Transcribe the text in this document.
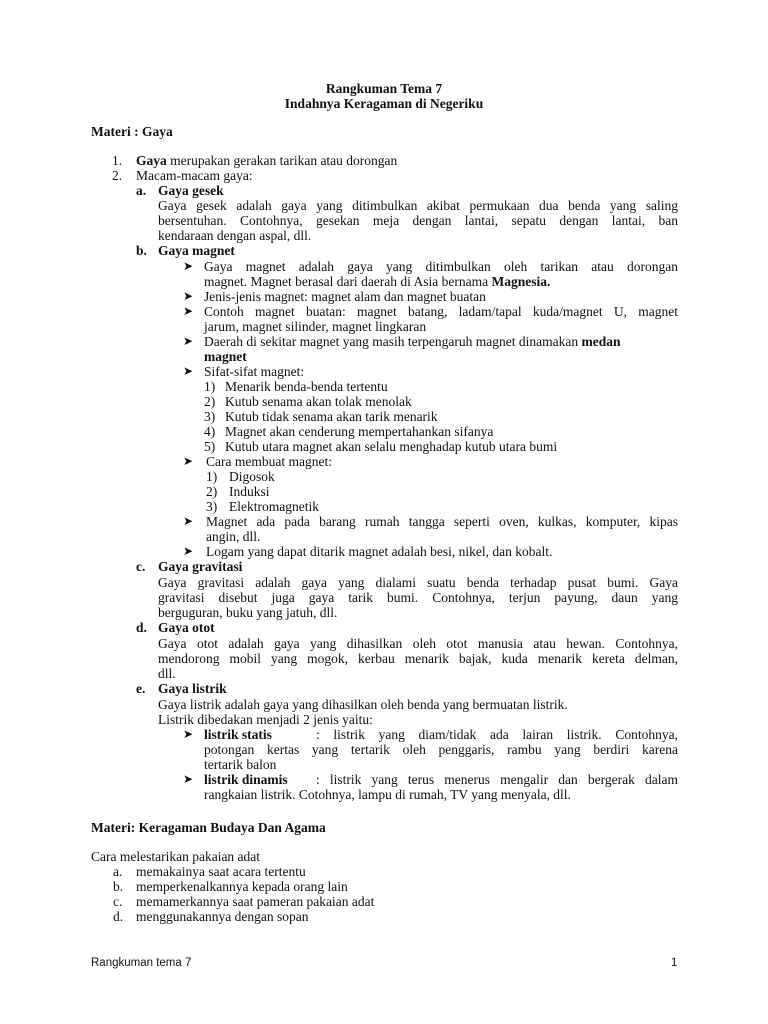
Rangkuman Tema 7
Indahnya Keragaman di Negeriku
Materi : Gaya
1. Gaya merupakan gerakan tarikan atau dorongan
2. Macam-macam gaya:
a. Gaya gesek
Gaya gesek adalah gaya yang ditimbulkan akibat permukaan dua benda yang saling
bersentuhan. Contohnya, gesekan meja dengan lantai, sepatu dengan lantai, ban
kendaraan dengan aspal, dll.
b. Gaya magnet
➤ Gaya magnet adalah gaya yang ditimbulkan oleh tarikan atau dorongan
magnet. Magnet berasal dari daerah di Asia bernama Magnesia.
➤ Jenis-jenis magnet: magnet alam dan magnet buatan
➤ Contoh magnet buatan: magnet batang, ladam/tapal kuda/magnet U, magnet
jarum, magnet silinder, magnet lingkaran
➤ Daerah di sekitar magnet yang masih terpengaruh magnet dinamakan medan
magnet
➤ Sifat-sifat magnet:
1) Menarik benda-benda tertentu
2) Kutub senama akan tolak menolak
3) Kutub tidak senama akan tarik menarik
4) Magnet akan cenderung mempertahankan sifanya
5) Kutub utara magnet akan selalu menghadap kutub utara bumi
➤ Cara membuat magnet:
1) Digosok
2) Induksi
3) Elektromagnetik
➤ Magnet ada pada barang rumah tangga seperti oven, kulkas, komputer, kipas
angin, dll.
➤ Logam yang dapat ditarik magnet adalah besi, nikel, dan kobalt.
c. Gaya gravitasi
Gaya gravitasi adalah gaya yang dialami suatu benda terhadap pusat bumi. Gaya
gravitasi disebut juga gaya tarik bumi. Contohnya, terjun payung, daun yang
berguguran, buku yang jatuh, dll.
d. Gaya otot
Gaya otot adalah gaya yang dihasilkan oleh otot manusia atau hewan. Contohnya,
mendorong mobil yang mogok, kerbau menarik bajak, kuda menarik kereta delman,
dll.
e. Gaya listrik
Gaya listrik adalah gaya yang dihasilkan oleh benda yang bermuatan listrik.
Listrik dibedakan menjadi 2 jenis yaitu:
➤ listrik statis	: listrik yang diam/tidak ada lairan listrik. Contohnya,
potongan kertas yang tertarik oleh penggaris, rambu yang berdiri karena
tertarik balon
➤ listrik dinamis : listrik yang terus menerus mengalir dan bergerak dalam
rangkaian listrik. Cotohnya, lampu di rumah, TV yang menyala, dll.
Materi: Keragaman Budaya Dan Agama
Cara melestarikan pakaian adat
a. memakainya saat acara tertentu
b. memperkenalkannya kepada orang lain
c. memamerkannya saat pameran pakaian adat
d. menggunakannya dengan sopan
Rangkuman tema 7	1
